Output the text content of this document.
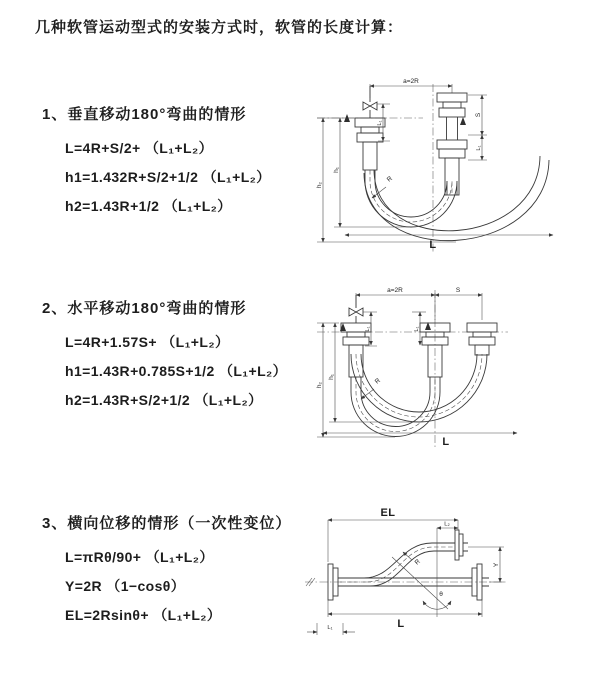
几种软管运动型式的安装方式时，软管的长度计算：
1、垂直移动180°弯曲的情形
L=4R+S/2+ （L₁+L₂）
h1=1.432R+S/2+1/2 （L₁+L₂）
h2=1.43R+1/2 （L₁+L₂）
2、水平移动180°弯曲的情形
L=4R+1.57S+ （L₁+L₂）
h1=1.43R+0.785S+1/2 （L₁+L₂）
h2=1.43R+S/2+1/2 （L₁+L₂）
3、横向位移的情形（一次性变位）
L=πRθ/90+ （L₁+L₂）
Y=2R （1−cosθ）
EL=2Rsinθ+ （L₁+L₂）
a=2R
R
h₂
h₁
S
L₁
L₁
L
a=2R	S
R
h₂
h₁
L₁	L₁
L
EL
L₂
Y
R
θ
L
L₁
